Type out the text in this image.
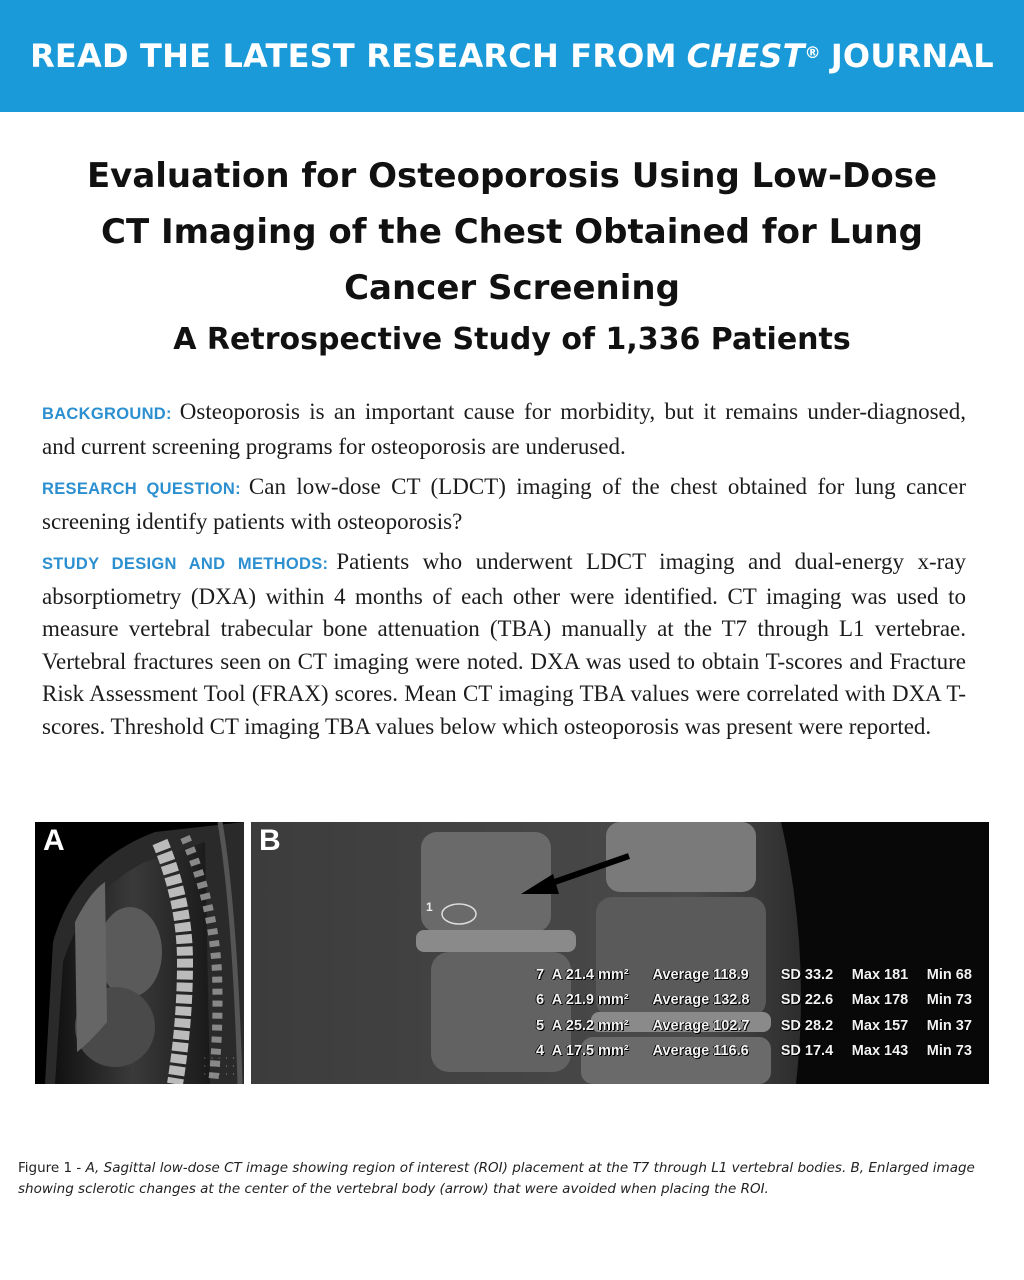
READ THE LATEST RESEARCH FROM CHEST® JOURNAL
Evaluation for Osteoporosis Using Low-Dose CT Imaging of the Chest Obtained for Lung Cancer Screening
A Retrospective Study of 1,336 Patients

BACKGROUND: Osteoporosis is an important cause for morbidity, but it remains under-diagnosed, and current screening programs for osteoporosis are underused.

RESEARCH QUESTION: Can low-dose CT (LDCT) imaging of the chest obtained for lung cancer screening identify patients with osteoporosis?

STUDY DESIGN AND METHODS: Patients who underwent LDCT imaging and dual-energy x-ray absorptiometry (DXA) within 4 months of each other were identified. CT imaging was used to measure vertebral trabecular bone attenuation (TBA) manually at the T7 through L1 vertebrae. Vertebral fractures seen on CT imaging were noted. DXA was used to obtain T-scores and Fracture Risk Assessment Tool (FRAX) scores. Mean CT imaging TBA values were correlated with DXA T-scores. Threshold CT imaging TBA values below which osteoporosis was present were reported.

· · · · ·
· · · · ·
· · · · ·
A
1
B
7 A 21.4 mm²	Average 118.9	SD 33.2	Max 181	Min 68
6 A 21.9 mm²	Average 132.8	SD 22.6	Max 178	Min 73
5 A 25.2 mm²	Average 102.7	SD 28.2	Max 157	Min 37
4 A 17.5 mm²	Average 116.6	SD 17.4	Max 143	Min 73
Figure 1 - A, Sagittal low-dose CT image showing region of interest (ROI) placement at the T7 through L1 vertebral bodies. B, Enlarged image showing sclerotic changes at the center of the vertebral body (arrow) that were avoided when placing the ROI.
